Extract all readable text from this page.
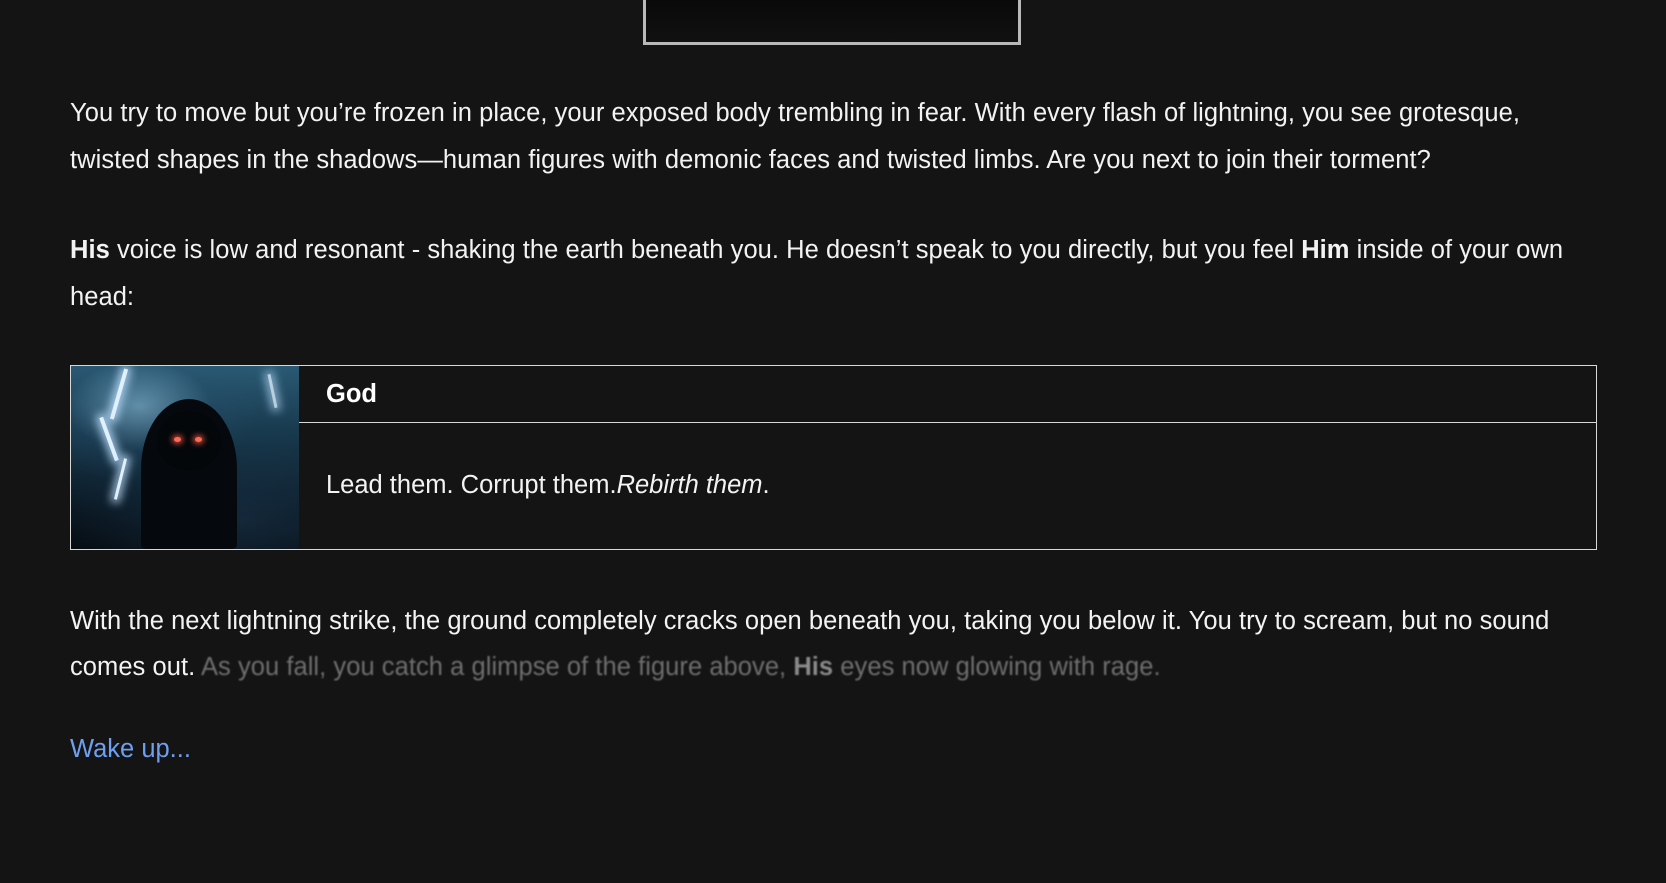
You try to move but you’re frozen in place, your exposed body trembling in fear. With every flash of lightning, you see grotesque, twisted shapes in the shadows—human figures with demonic faces and twisted limbs. Are you next to join their torment?

His voice is low and resonant - shaking the earth beneath you. He doesn’t speak to you directly, but you feel Him inside of your own head:

God
Lead them. Corrupt them. Rebirth them .

With the next lightning strike, the ground completely cracks open beneath you, taking you below it. You try to scream, but no sound comes out. As you fall, you catch a glimpse of the figure above, His eyes now glowing with rage.

Wake up...
